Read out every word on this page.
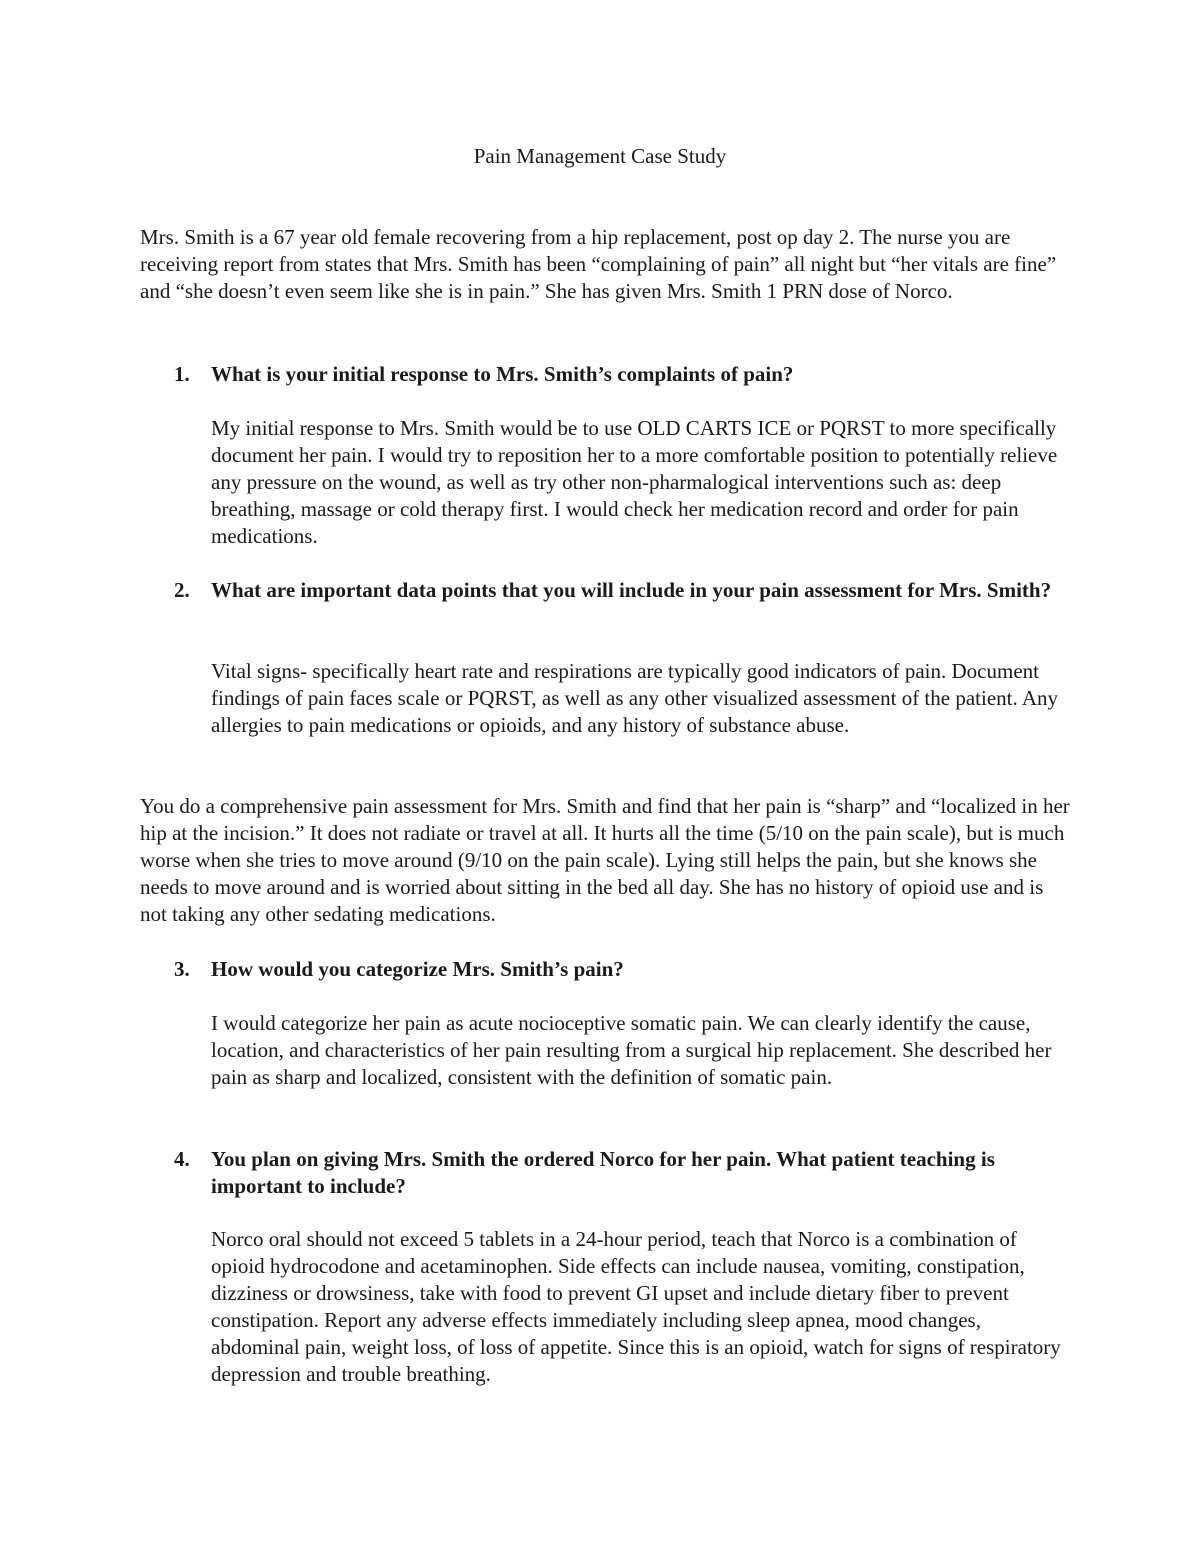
Pain Management Case Study

Mrs. Smith is a 67 year old female recovering from a hip replacement, post op day 2. The nurse you are receiving report from states that Mrs. Smith has been “complaining of pain” all night but “her vitals are fine” and “she doesn’t even seem like she is in pain.” She has given Mrs. Smith 1 PRN dose of Norco.

1. What is your initial response to Mrs. Smith’s complaints of pain?

My initial response to Mrs. Smith would be to use OLD CARTS ICE or PQRST to more specifically document her pain. I would try to reposition her to a more comfortable position to potentially relieve any pressure on the wound, as well as try other non-pharmalogical interventions such as: deep breathing, massage or cold therapy first. I would check her medication record and order for pain medications.

2. What are important data points that you will include in your pain assessment for Mrs. Smith?

Vital signs- specifically heart rate and respirations are typically good indicators of pain. Document findings of pain faces scale or PQRST, as well as any other visualized assessment of the patient. Any allergies to pain medications or opioids, and any history of substance abuse.

You do a comprehensive pain assessment for Mrs. Smith and find that her pain is “sharp” and “localized in her hip at the incision.” It does not radiate or travel at all. It hurts all the time (5/10 on the pain scale), but is much worse when she tries to move around (9/10 on the pain scale). Lying still helps the pain, but she knows she needs to move around and is worried about sitting in the bed all day. She has no history of opioid use and is not taking any other sedating medications.

3. How would you categorize Mrs. Smith’s pain?

I would categorize her pain as acute nocioceptive somatic pain. We can clearly identify the cause, location, and characteristics of her pain resulting from a surgical hip replacement. She described her pain as sharp and localized, consistent with the definition of somatic pain.

4. You plan on giving Mrs. Smith the ordered Norco for her pain. What patient teaching is important to include?

Norco oral should not exceed 5 tablets in a 24-hour period, teach that Norco is a combination of opioid hydrocodone and acetaminophen. Side effects can include nausea, vomiting, constipation, dizziness or drowsiness, take with food to prevent GI upset and include dietary fiber to prevent constipation. Report any adverse effects immediately including sleep apnea, mood changes, abdominal pain, weight loss, of loss of appetite. Since this is an opioid, watch for signs of respiratory depression and trouble breathing.
